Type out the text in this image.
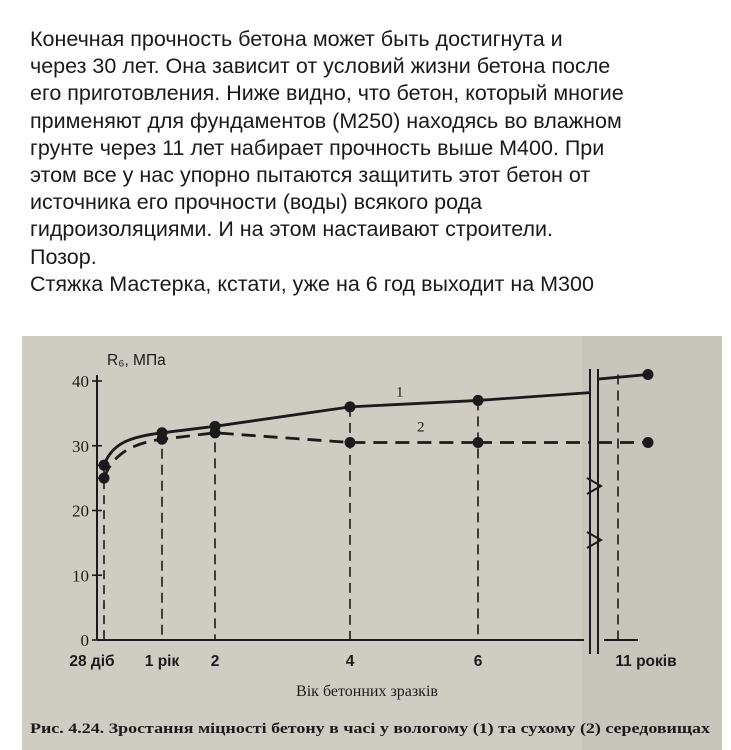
Конечная прочность бетона может быть достигнута и
через 30 лет. Она зависит от условий жизни бетона после
его приготовления. Ниже видно, что бетон, который многие
применяют для фундаментов (М250) находясь во влажном
грунте через 11 лет набирает прочность выше М400. При
этом все у нас упорно пытаются защитить этот бетон от
источника его прочности (воды) всякого рода
гидроизоляциями. И на этом настаивают строители.
Позор.
Стяжка Мастерка, кстати, уже на 6 год выходит на М300

0
10
20
30
40
28 діб 1 рік 2	4	6	11 років
1
2
R₆, МПа
Вік бетонних зразків
Рис. 4.24. Зростання міцності бетону в часі у вологому (1) та сухому (2) середовищах
